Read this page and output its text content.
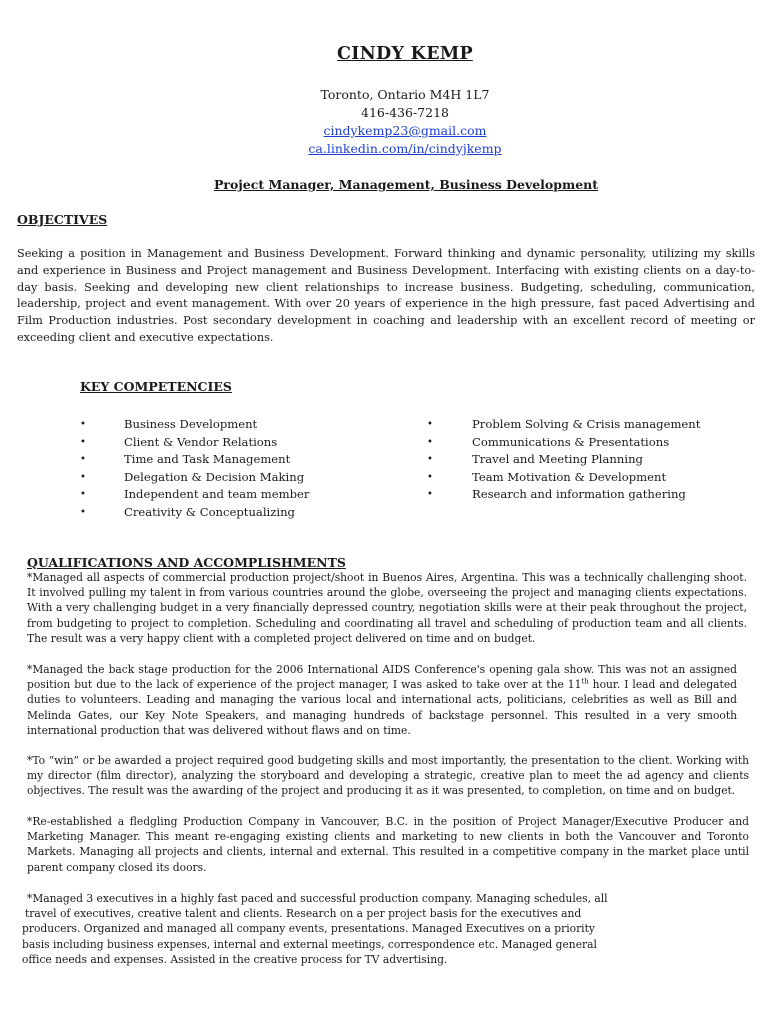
CINDY KEMP
Toronto, Ontario M4H 1L7
416-436-7218
cindykemp23@gmail.com
ca.linkedin.com/in/cindyjkemp
Project Manager, Management, Business Development
OBJECTIVES
Seeking a position in Management and Business Development. Forward thinking and dynamic personality, utilizing my skills and experience in Business and Project management and Business Development. Interfacing with existing clients on a day-to-day basis. Seeking and developing new client relationships to increase business. Budgeting, scheduling, communication, leadership, project and event management. With over 20 years of experience in the high pressure, fast paced Advertising and Film Production industries. Post secondary development in coaching and leadership with an excellent record of meeting or exceeding client and executive expectations.
KEY COMPETENCIES
•	Business Development
•	Client & Vendor Relations
•	Time and Task Management
•	Delegation & Decision Making
•	Independent and team member
•	Creativity & Conceptualizing
•	Problem Solving & Crisis management
•	Communications & Presentations
•	Travel and Meeting Planning
•	Team Motivation & Development
•	Research and information gathering
QUALIFICATIONS AND ACCOMPLISHMENTS
*Managed all aspects of commercial production project/shoot in Buenos Aires, Argentina. This was a technically challenging shoot. It involved pulling my talent in from various countries around the globe, overseeing the project and managing clients expectations. With a very challenging budget in a very financially depressed country, negotiation skills were at their peak throughout the project, from budgeting to project to completion. Scheduling and coordinating all travel and scheduling of production team and all clients. The result was a very happy client with a completed project delivered on time and on budget.
*Managed the back stage production for the 2006 International AIDS Conference's opening gala show. This was not an assigned position but due to the lack of experience of the project manager, I was asked to take over at the 11th hour. I lead and delegated duties to volunteers. Leading and managing the various local and international acts, politicians, celebrities as well as Bill and Melinda Gates, our Key Note Speakers, and managing hundreds of backstage personnel. This resulted in a very smooth international production that was delivered without flaws and on time.
*To “win” or be awarded a project required good budgeting skills and most importantly, the presentation to the client. Working with my director (film director), analyzing the storyboard and developing a strategic, creative plan to meet the ad agency and clients objectives. The result was the awarding of the project and producing it as it was presented, to completion, on time and on budget.
*Re-established a fledgling Production Company in Vancouver, B.C. in the position of Project Manager/Executive Producer and Marketing Manager. This meant re-engaging existing clients and marketing to new clients in both the Vancouver and Toronto Markets. Managing all projects and clients, internal and external. This resulted in a competitive company in the market place until parent company closed its doors.
*Managed 3 executives in a highly fast paced and successful production company. Managing schedules, all
travel of executives, creative talent and clients. Research on a per project basis for the executives and
producers. Organized and managed all company events, presentations. Managed Executives on a priority
basis including business expenses, internal and external meetings, correspondence etc. Managed general
office needs and expenses. Assisted in the creative process for TV advertising.
